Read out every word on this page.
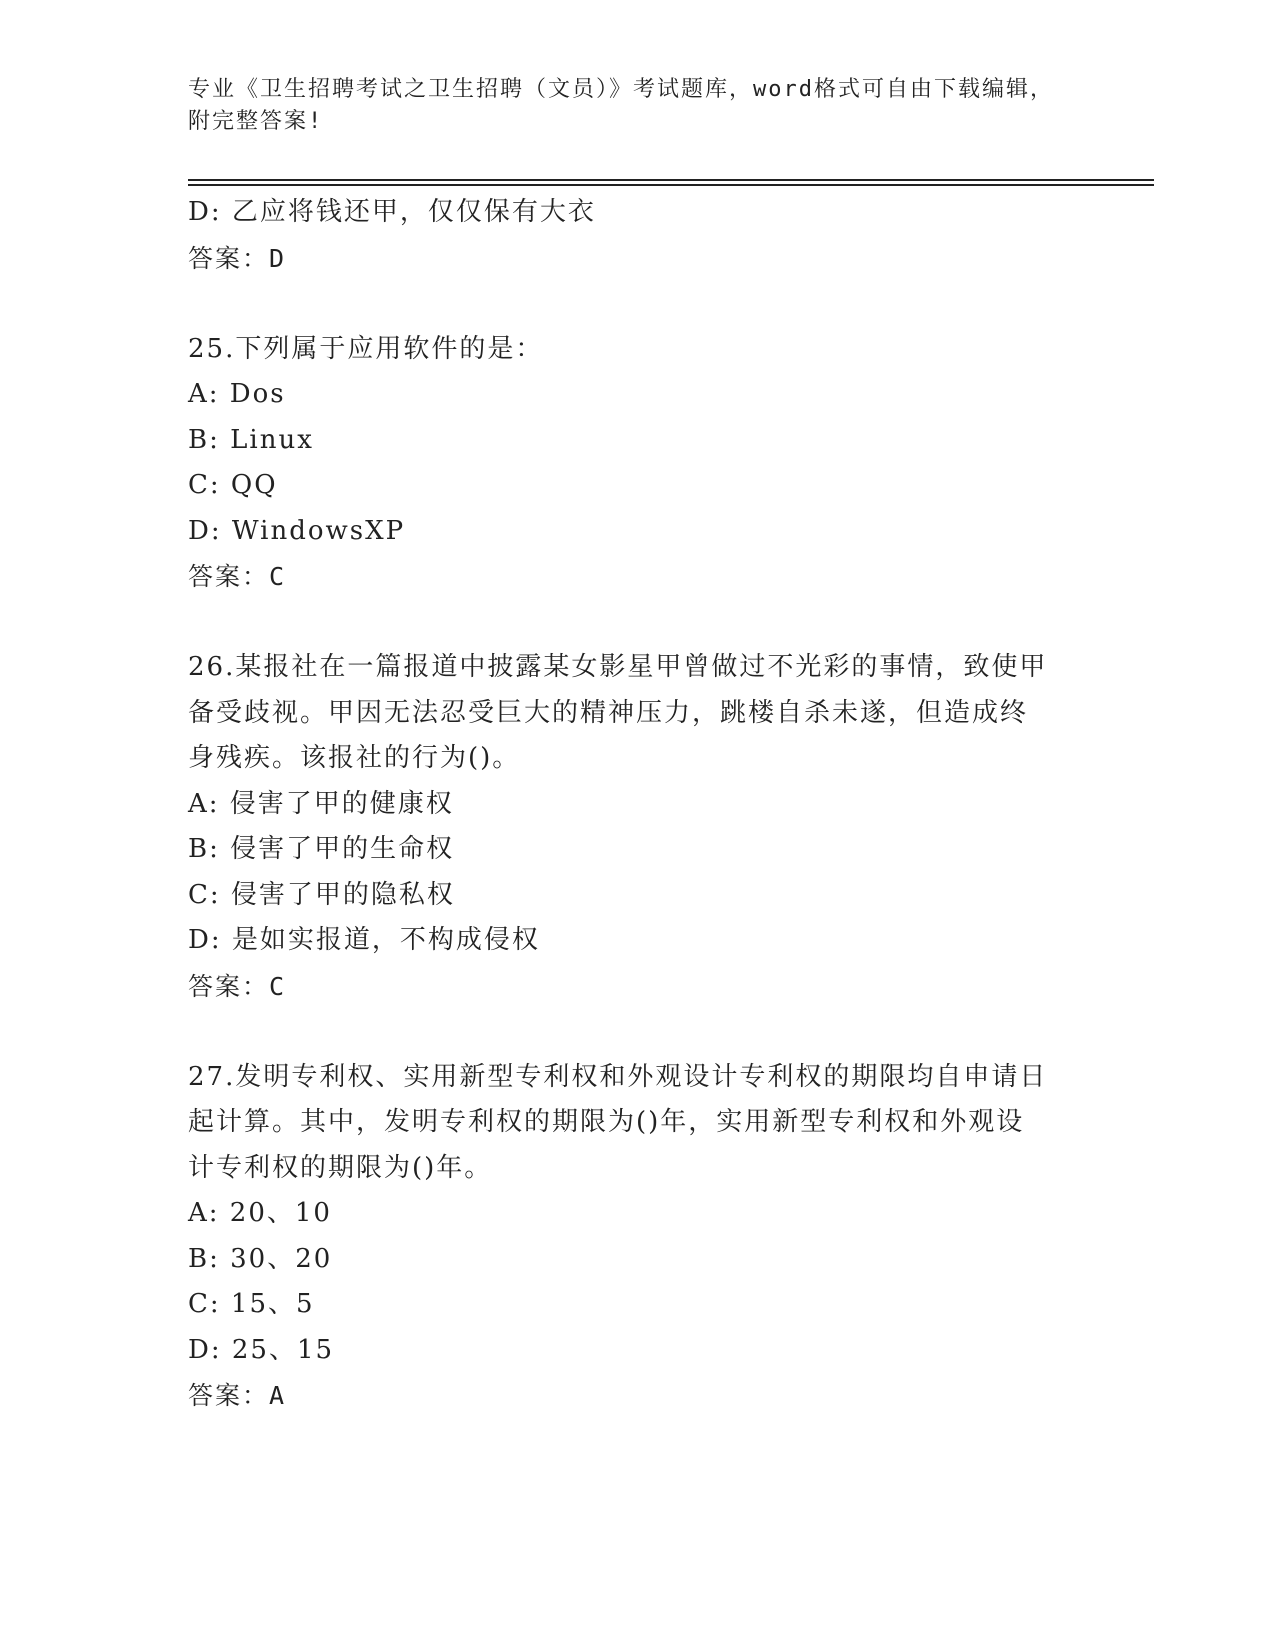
专业《卫生招聘考试之卫生招聘（文员）》考试题库，word格式可自由下载编辑，附完整答案!
D: 乙应将钱还甲，仅仅保有大衣
答案：D
25.下列属于应用软件的是：
A: Dos
B: Linux
C: QQ
D: WindowsXP
答案：C
26.某报社在一篇报道中披露某女影星甲曾做过不光彩的事情，致使甲
备受歧视。甲因无法忍受巨大的精神压力，跳楼自杀未遂，但造成终
身残疾。该报社的行为()。
A: 侵害了甲的健康权
B: 侵害了甲的生命权
C: 侵害了甲的隐私权
D: 是如实报道，不构成侵权
答案：C
27.发明专利权、实用新型专利权和外观设计专利权的期限均自申请日
起计算。其中，发明专利权的期限为()年，实用新型专利权和外观设
计专利权的期限为()年。
A: 20、10
B: 30、20
C: 15、5
D: 25、15
答案：A
